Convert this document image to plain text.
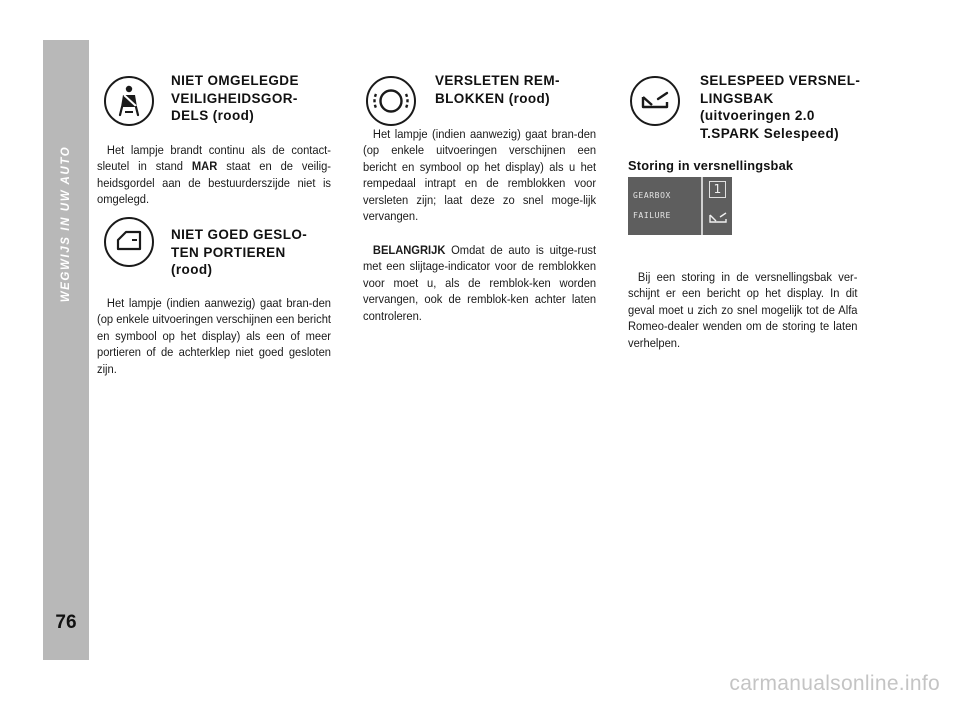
WEGWIJS IN UW AUTO
76
NIET OMGELEGDE
VEILIGHEIDSGOR-
DELS (rood)
Het lampje brandt continu als de contact-sleutel in stand MAR staat en de veilig-heidsgordel aan de bestuurderszijde niet is omgelegd.
NIET GOED GESLO-
TEN PORTIEREN
(rood)
Het lampje (indien aanwezig) gaat bran-den (op enkele uitvoeringen verschijnen een bericht en symbool op het display) als een of meer portieren of de achterklep niet goed gesloten zijn.
VERSLETEN REM-
BLOKKEN (rood)
Het lampje (indien aanwezig) gaat bran-den (op enkele uitvoeringen verschijnen een bericht en symbool op het display) als u het rempedaal intrapt en de remblokken voor versleten zijn; laat deze zo snel moge-lijk vervangen.
BELANGRIJK Omdat de auto is uitge-rust met een slijtage-indicator voor de remblokken voor moet u, als de remblok-ken worden vervangen, ook de remblok-ken achter laten controleren.
SELESPEED VERSNEL-
LINGSBAK
(uitvoeringen 2.0
T.SPARK Selespeed)
Storing in versnellingsbak
GEARBOX
FAILURE
1
Bij een storing in de versnellingsbak ver-schijnt er een bericht op het display. In dit geval moet u zich zo snel mogelijk tot de Alfa Romeo-dealer wenden om de storing te laten verhelpen.
carmanualsonline.info
